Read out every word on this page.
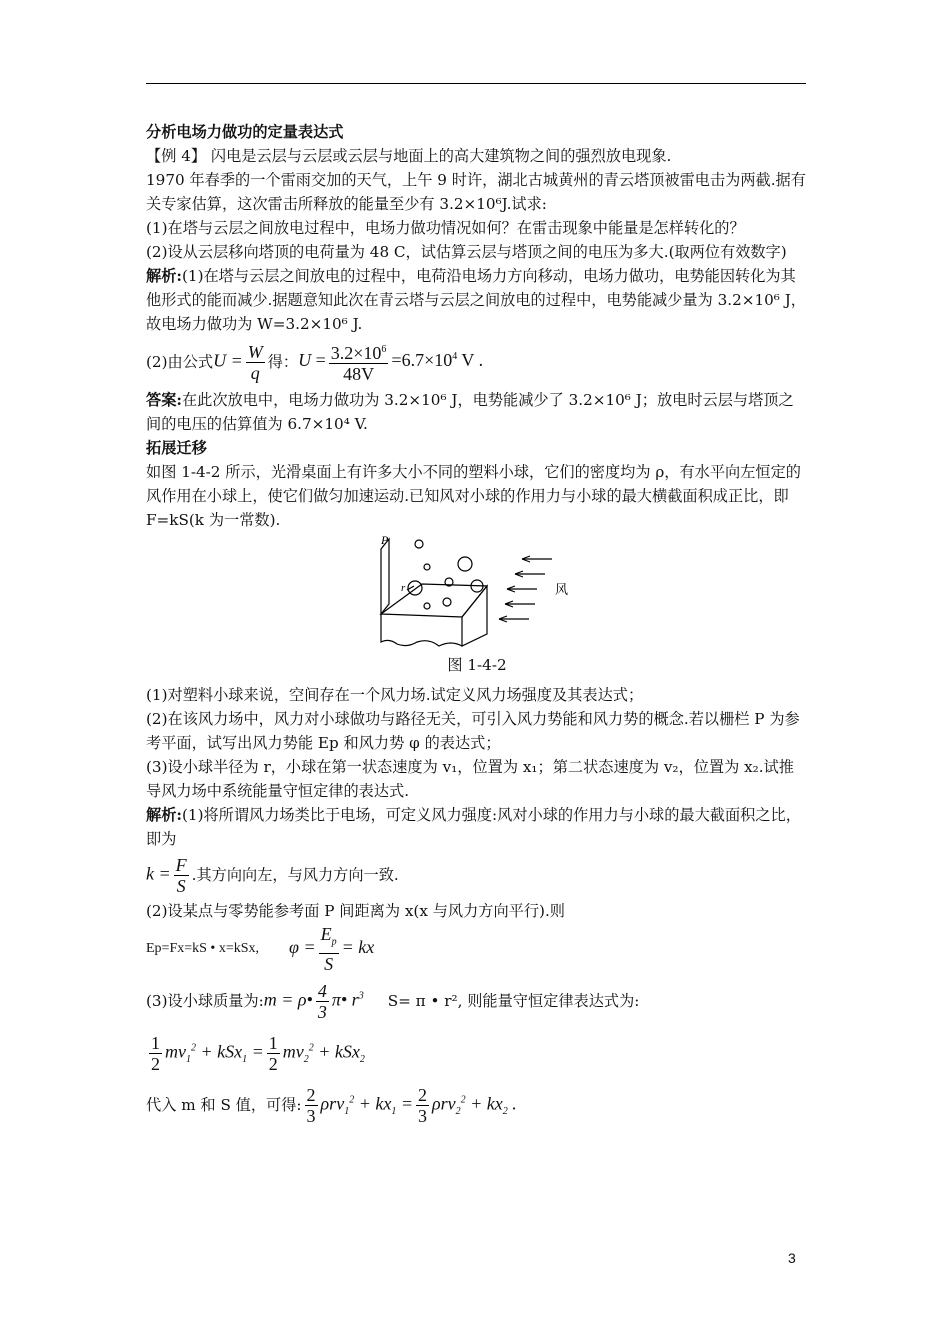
分析电场力做功的定量表达式

【例 4】 闪电是云层与云层或云层与地面上的高大建筑物之间的强烈放电现象.

1970 年春季的一个雷雨交加的天气，上午 9 时许，湖北古城黄州的青云塔顶被雷电击为两截.据有关专家估算，这次雷击所释放的能量至少有 3.2×10⁶J.试求:

(1)在塔与云层之间放电过程中，电场力做功情况如何？在雷击现象中能量是怎样转化的？

(2)设从云层移向塔顶的电荷量为 48 C，试估算云层与塔顶之间的电压为多大.(取两位有效数字)

解析:(1)在塔与云层之间放电的过程中，电荷沿电场力方向移动，电场力做功，电势能因转化为其他形式的能而减少.据题意知此次在青云塔与云层之间放电的过程中，电势能减少量为 3.2×10⁶ J，故电场力做功为 W=3.2×10⁶ J.

(2)由公式 $U = \frac{W}{q}$ 得： $U = \frac{3.2\times 10^6}{48V} =6.7\times 10^4$ V .

答案:在此次放电中，电场力做功为 3.2×10⁶ J，电势能减少了 3.2×10⁶ J；放电时云层与塔顶之间的电压的估算值为 6.7×10⁴ V.

拓展迁移

如图 1-4-2 所示，光滑桌面上有许多大小不同的塑料小球，它们的密度均为 ρ，有水平向左恒定的风作用在小球上，使它们做匀加速运动.已知风对小球的作用力与小球的最大横截面积成正比，即 F=kS(k 为一常数).

P
r	风

图 1-4-2

(1)对塑料小球来说，空间存在一个风力场.试定义风力场强度及其表达式；

(2)在该风力场中，风力对小球做功与路径无关，可引入风力势能和风力势的概念.若以栅栏 P 为参考平面，试写出风力势能 Ep 和风力势 φ 的表达式；

(3)设小球半径为 r，小球在第一状态速度为 v₁，位置为 x₁；第二状态速度为 v₂，位置为 x₂.试推导风力场中系统能量守恒定律的表达式.

解析:(1)将所谓风力场类比于电场，可定义风力强度:风对小球的作用力与小球的最大截面积之比，即为

$k = \frac{F}{S}$ .其方向向左，与风力方向一致.

(2)设某点与零势能参考面 P 间距离为 x(x 与风力方向平行).则

Ep=Fx=kS • x=kSx, $\varphi = \frac{E_p}{S}$ = kx
(3)设小球质量为: m = ρ• $\frac{4}{3}$ π• $r^3$ S= π • r², 则能量守恒定律表达式为:
$\frac{1}{2} mv_1^2 + kSx_1 = \frac{1}{2} mv_2^2 + kSx_2$
代入 m 和 S 值，可得: $\frac{2}{3} \rho rv_1^2 + kx_1 = \frac{2}{3} \rho rv_2^2 + kx_2$ .
3
